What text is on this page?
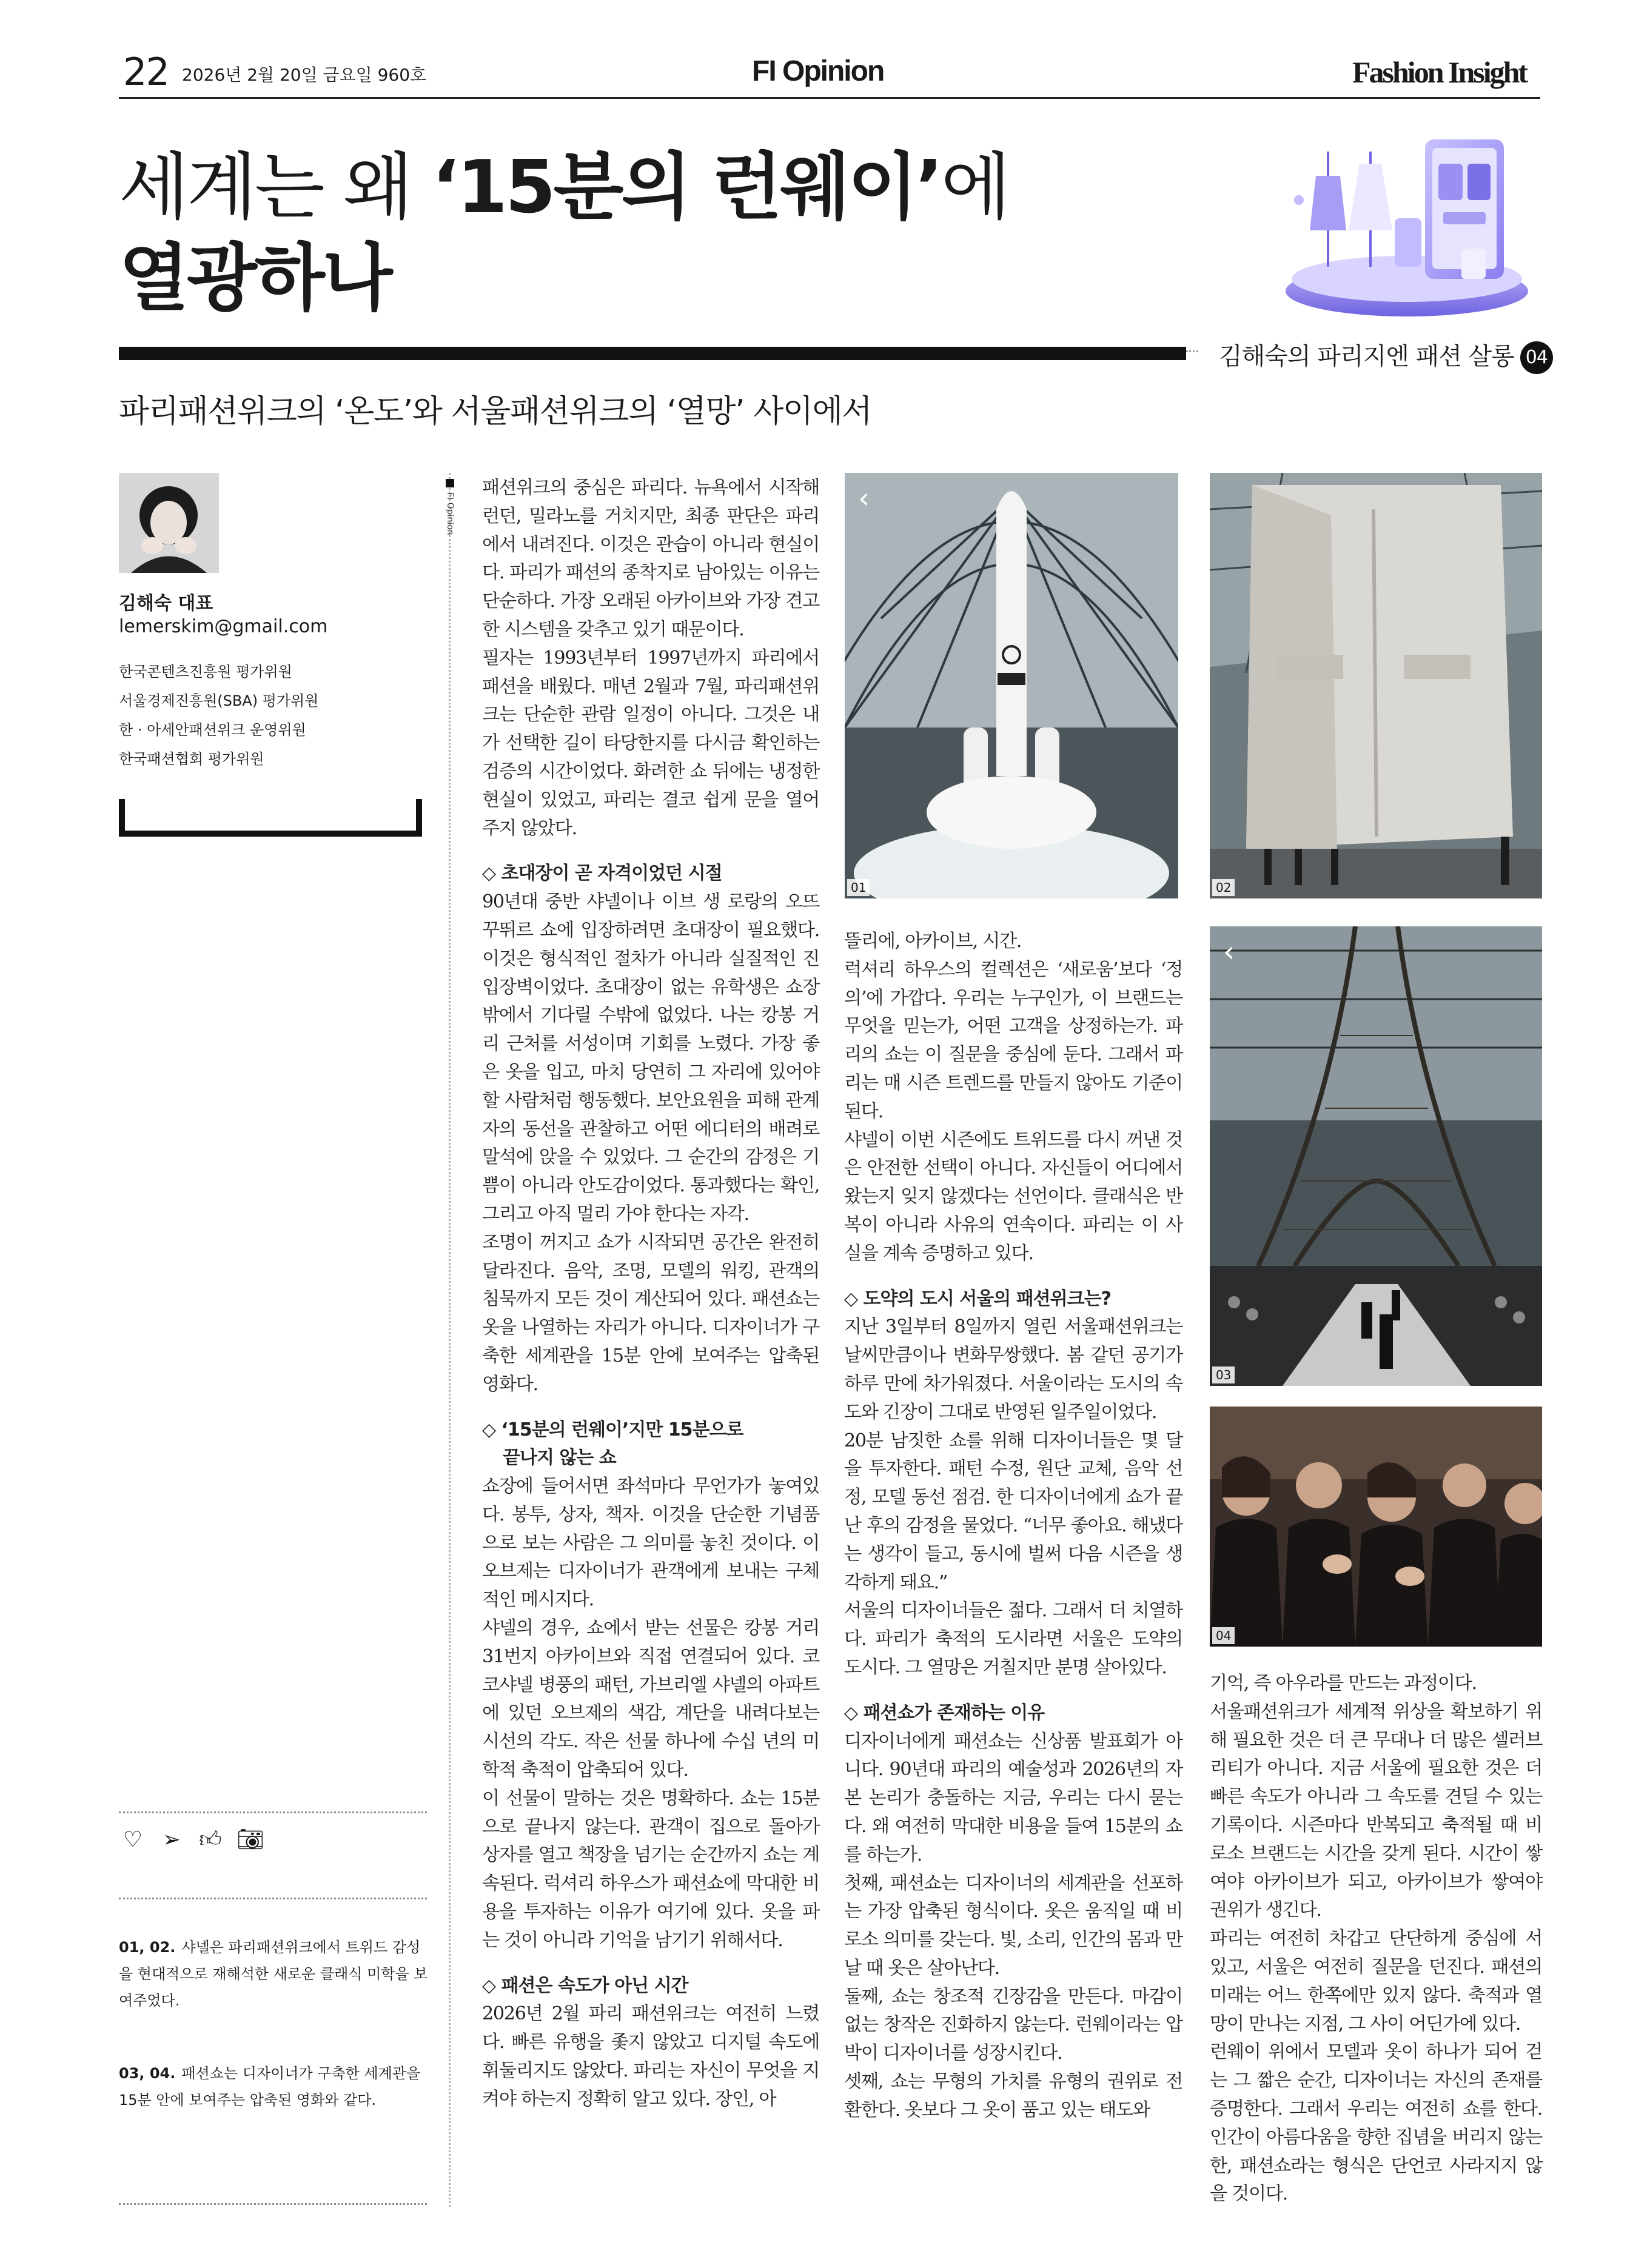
22 2026년 2월 20일 금요일 960호	FI Opinion	Fashion Insight
세계는 왜 ‘15분의 런웨이’에
열광하나
김해숙의 파리지엔 패션 살롱 04
파리패션위크의 ‘온도’와 서울패션위크의 ‘열망’ 사이에서
김해숙 대표
lemerskim@gmail.com
한국콘텐츠진흥원 평가위원
서울경제진흥원(SBA) 평가위원
한 · 아세안패션위크 운영위원
한국패션협회 평가위원
♡ ➢ 👍︎ 📷︎
01, 02. 샤넬은 파리패션위크에서 트위드 감성을 현대적으로 재해석한 새로운 클래식 미학을 보여주었다.
03, 04. 패션쇼는 디자이너가 구축한 세계관을 15분 안에 보여주는 압축된 영화와 같다.
FI Opinion

패션위크의 중심은 파리다. 뉴욕에서 시작해 런던, 밀라노를 거치지만, 최종 판단은 파리에서 내려진다. 이것은 관습이 아니라 현실이다. 파리가 패션의 종착지로 남아있는 이유는 단순하다. 가장 오래된 아카이브와 가장 견고한 시스템을 갖추고 있기 때문이다.

필자는 1993년부터 1997년까지 파리에서 패션을 배웠다. 매년 2월과 7월, 파리패션위크는 단순한 관람 일정이 아니다. 그것은 내가 선택한 길이 타당한지를 다시금 확인하는 검증의 시간이었다. 화려한 쇼 뒤에는 냉정한 현실이 있었고, 파리는 결코 쉽게 문을 열어주지 않았다.

◇ 초대장이 곧 자격이었던 시절

90년대 중반 샤넬이나 이브 생 로랑의 오뜨 꾸뛰르 쇼에 입장하려면 초대장이 필요했다. 이것은 형식적인 절차가 아니라 실질적인 진입장벽이었다. 초대장이 없는 유학생은 쇼장 밖에서 기다릴 수밖에 없었다. 나는 캉봉 거리 근처를 서성이며 기회를 노렸다. 가장 좋은 옷을 입고, 마치 당연히 그 자리에 있어야 할 사람처럼 행동했다. 보안요원을 피해 관계자의 동선을 관찰하고 어떤 에디터의 배려로 말석에 앉을 수 있었다. 그 순간의 감정은 기쁨이 아니라 안도감이었다. 통과했다는 확인, 그리고 아직 멀리 가야 한다는 자각.

조명이 꺼지고 쇼가 시작되면 공간은 완전히 달라진다. 음악, 조명, 모델의 워킹, 관객의 침묵까지 모든 것이 계산되어 있다. 패션쇼는 옷을 나열하는 자리가 아니다. 디자이너가 구축한 세계관을 15분 안에 보여주는 압축된 영화다.

◇ ‘15분의 런웨이’지만 15분으로

끝나지 않는 쇼

쇼장에 들어서면 좌석마다 무언가가 놓여있다. 봉투, 상자, 책자. 이것을 단순한 기념품으로 보는 사람은 그 의미를 놓친 것이다. 이 오브제는 디자이너가 관객에게 보내는 구체적인 메시지다.

샤넬의 경우, 쇼에서 받는 선물은 캉봉 거리 31번지 아카이브와 직접 연결되어 있다. 코코샤넬 병풍의 패턴, 가브리엘 샤넬의 아파트에 있던 오브제의 색감, 계단을 내려다보는 시선의 각도. 작은 선물 하나에 수십 년의 미학적 축적이 압축되어 있다.

이 선물이 말하는 것은 명확하다. 쇼는 15분으로 끝나지 않는다. 관객이 집으로 돌아가 상자를 열고 책장을 넘기는 순간까지 쇼는 계속된다. 럭셔리 하우스가 패션쇼에 막대한 비용을 투자하는 이유가 여기에 있다. 옷을 파는 것이 아니라 기억을 남기기 위해서다.

◇ 패션은 속도가 아닌 시간

2026년 2월 파리 패션위크는 여전히 느렸다. 빠른 유행을 좇지 않았고 디지털 속도에 휘둘리지도 않았다. 파리는 자신이 무엇을 지켜야 하는지 정확히 알고 있다. 장인, 아

뜰리에, 아카이브, 시간.

럭셔리 하우스의 컬렉션은 ‘새로움’보다 ‘정의’에 가깝다. 우리는 누구인가, 이 브랜드는 무엇을 믿는가, 어떤 고객을 상정하는가. 파리의 쇼는 이 질문을 중심에 둔다. 그래서 파리는 매 시즌 트렌드를 만들지 않아도 기준이 된다.

샤넬이 이번 시즌에도 트위드를 다시 꺼낸 것은 안전한 선택이 아니다. 자신들이 어디에서 왔는지 잊지 않겠다는 선언이다. 클래식은 반복이 아니라 사유의 연속이다. 파리는 이 사실을 계속 증명하고 있다.

◇ 도약의 도시 서울의 패션위크는?

지난 3일부터 8일까지 열린 서울패션위크는 날씨만큼이나 변화무쌍했다. 봄 같던 공기가 하루 만에 차가워졌다. 서울이라는 도시의 속도와 긴장이 그대로 반영된 일주일이었다.

20분 남짓한 쇼를 위해 디자이너들은 몇 달을 투자한다. 패턴 수정, 원단 교체, 음악 선정, 모델 동선 점검. 한 디자이너에게 쇼가 끝난 후의 감정을 물었다. “너무 좋아요. 해냈다는 생각이 들고, 동시에 벌써 다음 시즌을 생각하게 돼요.”

서울의 디자이너들은 젊다. 그래서 더 치열하다. 파리가 축적의 도시라면 서울은 도약의 도시다. 그 열망은 거칠지만 분명 살아있다.

◇ 패션쇼가 존재하는 이유

디자이너에게 패션쇼는 신상품 발표회가 아니다. 90년대 파리의 예술성과 2026년의 자본 논리가 충돌하는 지금, 우리는 다시 묻는다. 왜 여전히 막대한 비용을 들여 15분의 쇼를 하는가.

첫째, 패션쇼는 디자이너의 세계관을 선포하는 가장 압축된 형식이다. 옷은 움직일 때 비로소 의미를 갖는다. 빛, 소리, 인간의 몸과 만날 때 옷은 살아난다.

둘째, 쇼는 창조적 긴장감을 만든다. 마감이 없는 창작은 진화하지 않는다. 런웨이라는 압박이 디자이너를 성장시킨다.

셋째, 쇼는 무형의 가치를 유형의 권위로 전환한다. 옷보다 그 옷이 품고 있는 태도와

기억, 즉 아우라를 만드는 과정이다.

서울패션위크가 세계적 위상을 확보하기 위해 필요한 것은 더 큰 무대나 더 많은 셀러브리티가 아니다. 지금 서울에 필요한 것은 더 빠른 속도가 아니라 그 속도를 견딜 수 있는 기록이다. 시즌마다 반복되고 축적될 때 비로소 브랜드는 시간을 갖게 된다. 시간이 쌓여야 아카이브가 되고, 아카이브가 쌓여야 권위가 생긴다.

파리는 여전히 차갑고 단단하게 중심에 서 있고, 서울은 여전히 질문을 던진다. 패션의 미래는 어느 한쪽에만 있지 않다. 축적과 열망이 만나는 지점, 그 사이 어딘가에 있다.

런웨이 위에서 모델과 옷이 하나가 되어 걷는 그 짧은 순간, 디자이너는 자신의 존재를 증명한다. 그래서 우리는 여전히 쇼를 한다. 인간이 아름다움을 향한 집념을 버리지 않는 한, 패션쇼라는 형식은 단언코 사라지지 않을 것이다.

01
‹
02
03
‹
04
